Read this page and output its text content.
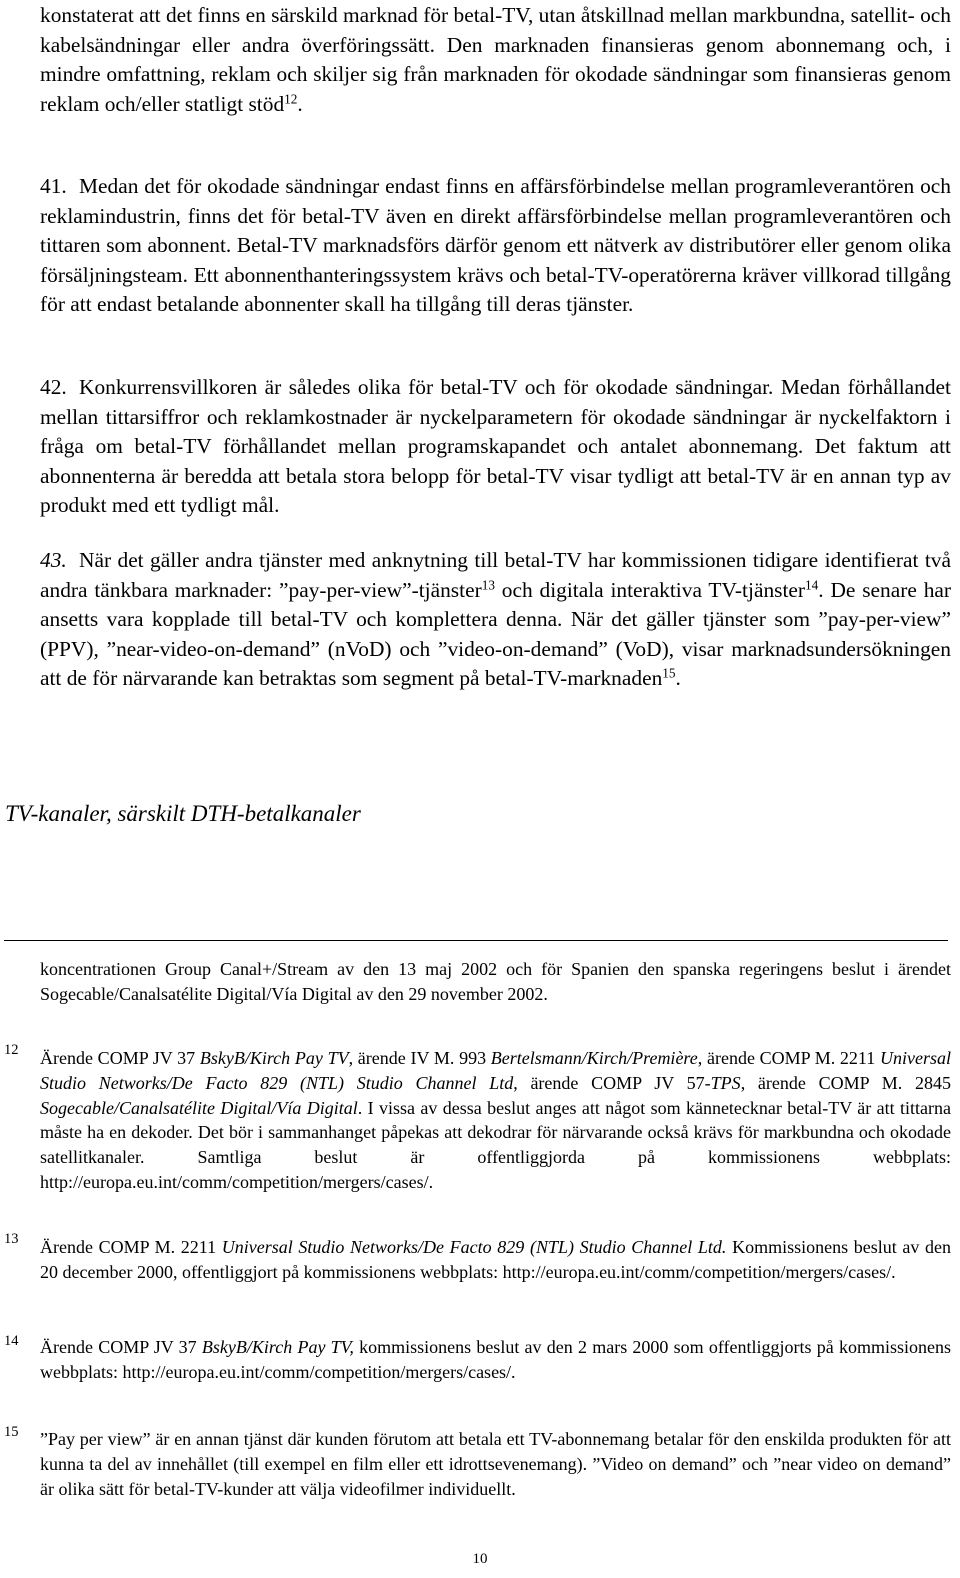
konstaterat att det finns en särskild marknad för betal-TV, utan åtskillnad mellan markbundna, satellit- och kabelsändningar eller andra överföringssätt. Den marknaden finansieras genom abonnemang och, i mindre omfattning, reklam och skiljer sig från marknaden för okodade sändningar som finansieras genom reklam och/eller statligt stöd$^{12}$.

41. Medan det för okodade sändningar endast finns en affärsförbindelse mellan programleverantören och reklamindustrin, finns det för betal-TV även en direkt affärsförbindelse mellan programleverantören och tittaren som abonnent. Betal-TV marknadsförs därför genom ett nätverk av distributörer eller genom olika försäljningsteam. Ett abonnenthanteringssystem krävs och betal-TV-operatörerna kräver villkorad tillgång för att endast betalande abonnenter skall ha tillgång till deras tjänster.

42. Konkurrensvillkoren är således olika för betal-TV och för okodade sändningar. Medan förhållandet mellan tittarsiffror och reklamkostnader är nyckelparametern för okodade sändningar är nyckelfaktorn i fråga om betal-TV förhållandet mellan programskapandet och antalet abonnemang. Det faktum att abonnenterna är beredda att betala stora belopp för betal-TV visar tydligt att betal-TV är en annan typ av produkt med ett tydligt mål.

43. När det gäller andra tjänster med anknytning till betal-TV har kommissionen tidigare identifierat två andra tänkbara marknader: ”pay-per-view”-tjänster$^{13}$ och digitala interaktiva TV-tjänster$^{14}$. De senare har ansetts vara kopplade till betal-TV och komplettera denna. När det gäller tjänster som ”pay-per-view” (PPV), ”near-video-on-demand” (nVoD) och ”video-on-demand” (VoD), visar marknadsundersökningen att de för närvarande kan betraktas som segment på betal-TV-marknaden$^{15}$.

TV-kanaler, särskilt DTH-betalkanaler

koncentrationen Group Canal+/Stream av den 13 maj 2002 och för Spanien den spanska regeringens beslut i ärendet Sogecable/Canalsatélite Digital/Vía Digital av den 29 november 2002.

12 Ärende COMP JV 37 BskyB/Kirch Pay TV, ärende IV M. 993 Bertelsmann/Kirch/Première, ärende COMP M. 2211 Universal Studio Networks/De Facto 829 (NTL) Studio Channel Ltd, ärende COMP JV 57-TPS, ärende COMP M. 2845 Sogecable/Canalsatélite Digital/Vía Digital. I vissa av dessa beslut anges att något som kännetecknar betal-TV är att tittarna måste ha en dekoder. Det bör i sammanhanget påpekas att dekodrar för närvarande också krävs för markbundna och okodade satellitkanaler. Samtliga beslut är offentliggjorda på kommissionens webbplats: http://europa.eu.int/comm/competition/mergers/cases/.

13 Ärende COMP M. 2211 Universal Studio Networks/De Facto 829 (NTL) Studio Channel Ltd. Kommissionens beslut av den 20 december 2000, offentliggjort på kommissionens webbplats: http://europa.eu.int/comm/competition/mergers/cases/.

14 Ärende COMP JV 37 BskyB/Kirch Pay TV, kommissionens beslut av den 2 mars 2000 som offentliggjorts på kommissionens webbplats: http://europa.eu.int/comm/competition/mergers/cases/.

15 ”Pay per view” är en annan tjänst där kunden förutom att betala ett TV-abonnemang betalar för den enskilda produkten för att kunna ta del av innehållet (till exempel en film eller ett idrottsevenemang). ”Video on demand” och ”near video on demand” är olika sätt för betal-TV-kunder att välja videofilmer individuellt.

10
